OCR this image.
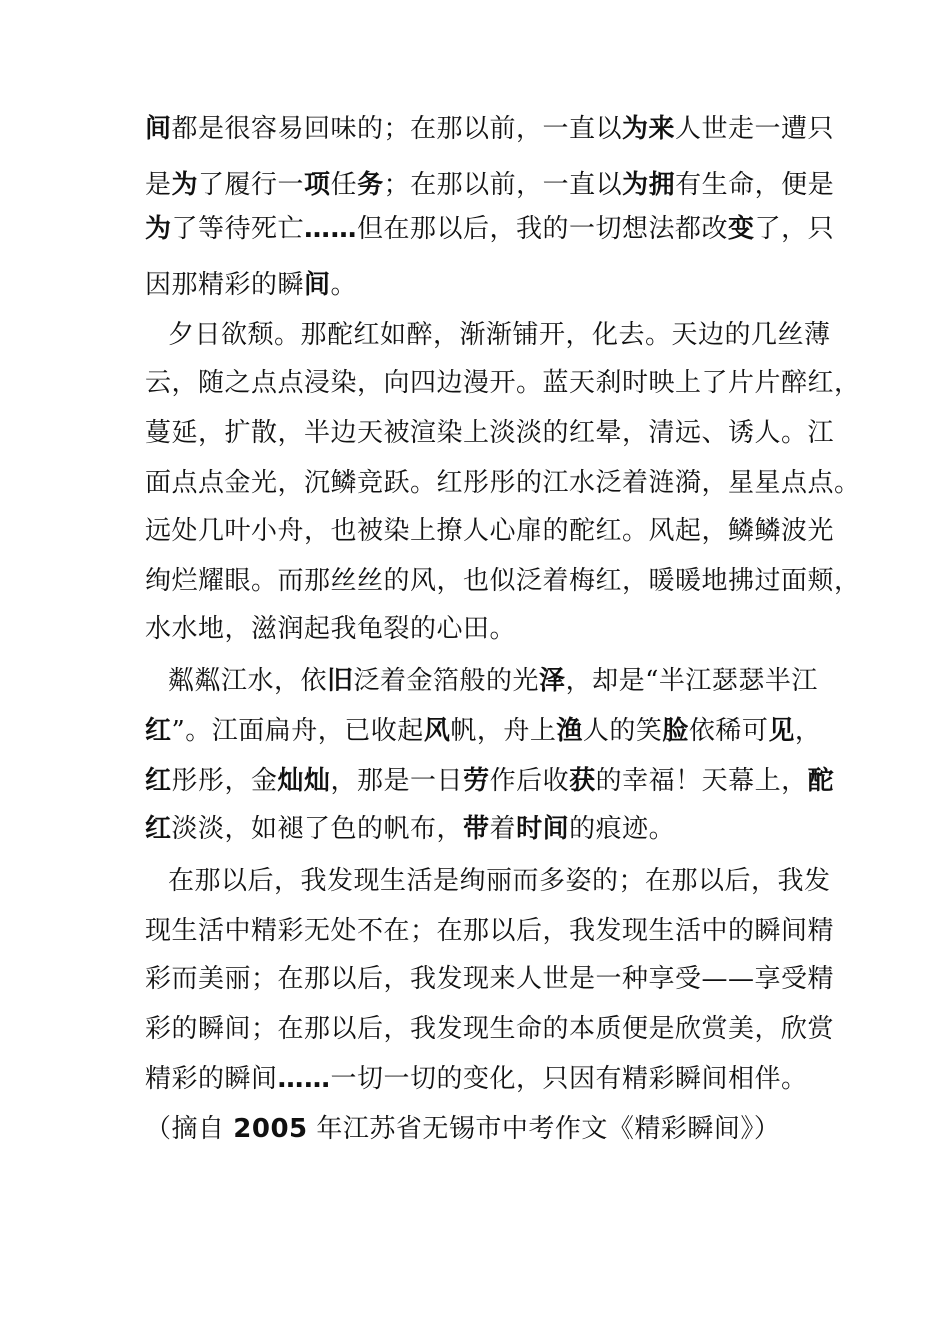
间都是很容易回味的；在那以前，一直以为来人世走一遭只
是为了履行一项任务；在那以前，一直以为拥有生命，便是
为了等待死亡……但在那以后，我的一切想法都改变了，只
因那精彩的瞬间。
夕日欲颓。那酡红如醉，渐渐铺开，化去。天边的几丝薄
云，随之点点浸染，向四边漫开。蓝天刹时映上了片片醉红，
蔓延，扩散，半边天被渲染上淡淡的红晕，清远、诱人。江
面点点金光，沉鳞竞跃。红彤彤的江水泛着涟漪，星星点点。
远处几叶小舟，也被染上撩人心扉的酡红。风起，鳞鳞波光
绚烂耀眼。而那丝丝的风，也似泛着梅红，暖暖地拂过面颊，
水水地，滋润起我龟裂的心田。
粼粼江水，依旧泛着金箔般的光泽，却是“半江瑟瑟半江
红”。江面扁舟，已收起风帆，舟上渔人的笑脸依稀可见，
红彤彤，金灿灿，那是一日劳作后收获的幸福！天幕上，酡
红淡淡，如褪了色的帆布，带着时间的痕迹。
在那以后，我发现生活是绚丽而多姿的；在那以后，我发
现生活中精彩无处不在；在那以后，我发现生活中的瞬间精
彩而美丽；在那以后，我发现来人世是一种享受——享受精
彩的瞬间；在那以后，我发现生命的本质便是欣赏美，欣赏
精彩的瞬间……一切一切的变化，只因有精彩瞬间相伴。
（摘自 2005 年江苏省无锡市中考作文《精彩瞬间》）
